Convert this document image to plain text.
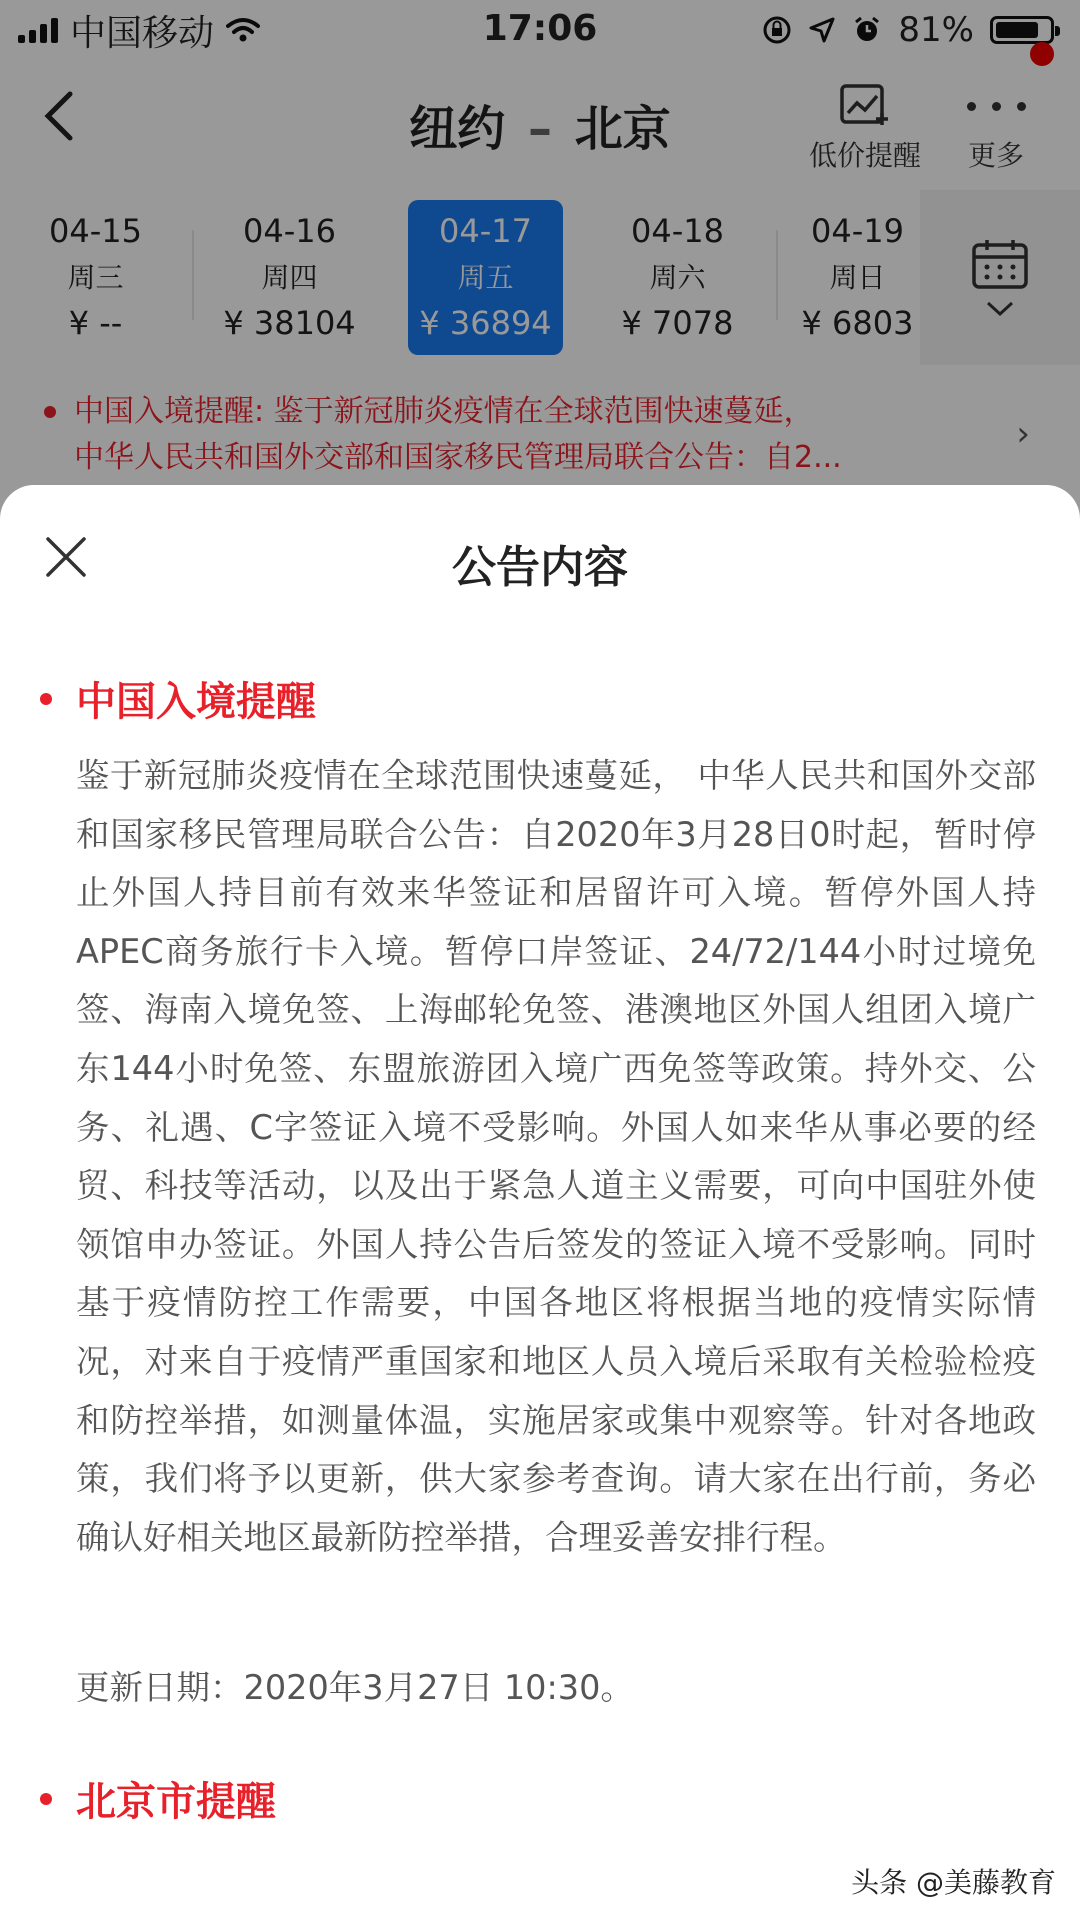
中国移动	17:06	81%
纽约 – 北京	低价提醒	更多
04-15
周三
¥ --
04-16
周四
¥ 38104
04-17
周五
¥ 36894
04-18
周六
¥ 7078
04-19
周日
¥ 6803
中国入境提醒: 鉴于新冠肺炎疫情在全球范围快速蔓延，
中华人民共和国外交部和国家移民管理局联合公告：自2...
›
公告内容
中国入境提醒
鉴于新冠肺炎疫情在全球范围快速蔓延， 中华人民共和国外交部和国家移民管理局联合公告：自2020年3月28日0时起，暂时停止外国人持目前有效来华签证和居留许可入境。暂停外国人持APEC商务旅行卡入境。暂停口岸签证、24/72/144小时过境免签、海南入境免签、上海邮轮免签、港澳地区外国人组团入境广东144小时免签、东盟旅游团入境广西免签等政策。持外交、公务、礼遇、C字签证入境不受影响。外国人如来华从事必要的经贸、科技等活动，以及出于紧急人道主义需要，可向中国驻外使领馆申办签证。外国人持公告后签发的签证入境不受影响。同时基于疫情防控工作需要，中国各地区将根据当地的疫情实际情况，对来自于疫情严重国家和地区人员入境后采取有关检验检疫和防控举措，如测量体温，实施居家或集中观察等。针对各地政策，我们将予以更新，供大家参考查询。请大家在出行前，务必确认好相关地区最新防控举措，合理妥善安排行程。
更新日期：2020年3月27日 10:30。
北京市提醒
头条 @美藤教育
